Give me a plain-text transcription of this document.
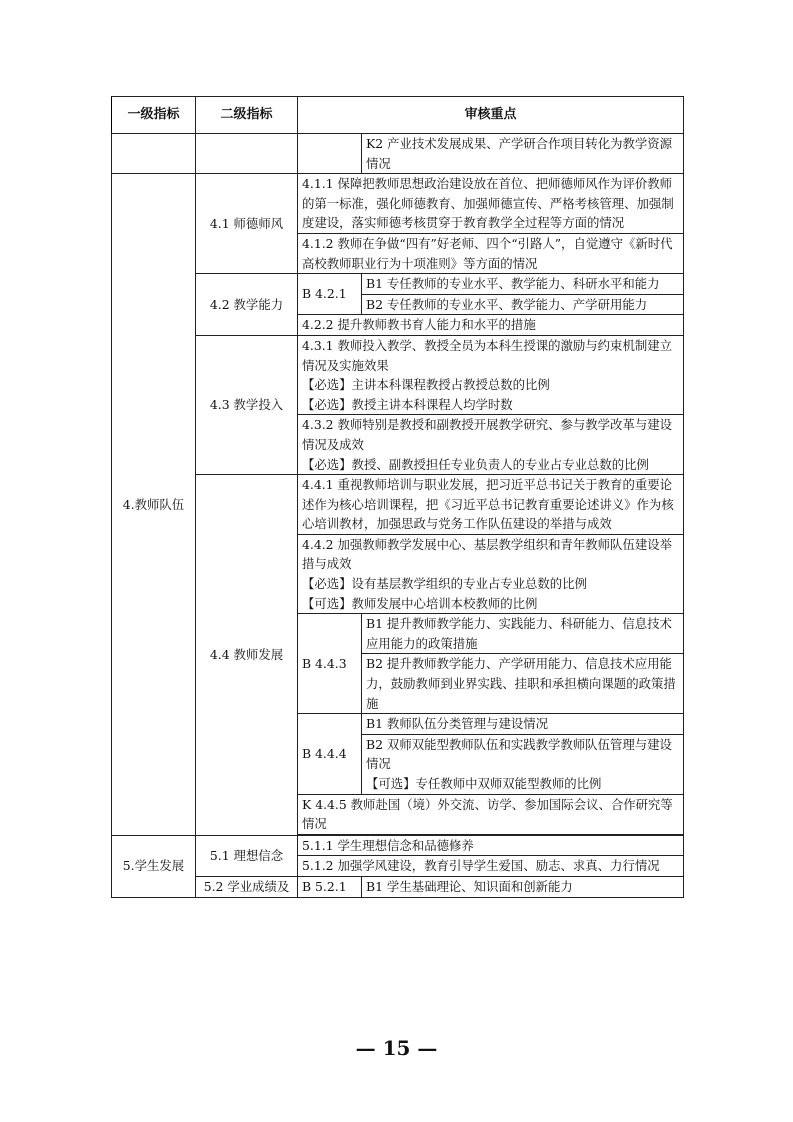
一级指标	二级指标	审核重点	
			K2 产业技术发展成果、产学研合作项目转化为教学资源情况
4.教师队伍	4.1 师德师风	4.1.1 保障把教师思想政治建设放在首位、把师德师风作为评价教师的第一标准，强化师德教育、加强师德宣传、严格考核管理、加强制度建设，落实师德考核贯穿于教育教学全过程等方面的情况	
		4.1.2 教师在争做“四有”好老师、四个“引路人”，自觉遵守《新时代高校教师职业行为十项准则》等方面的情况	
	4.2 教学能力	B 4.2.1	B1 专任教师的专业水平、教学能力、科研水平和能力
			B2 专任教师的专业水平、教学能力、产学研用能力
		4.2.2 提升教师教书育人能力和水平的措施	
	4.3 教学投入	4.3.1 教师投入教学、教授全员为本科生授课的激励与约束机制建立情况及实施效果
【必选】主讲本科课程教授占教授总数的比例
【必选】教授主讲本科课程人均学时数	

		4.3.2 教师特别是教授和副教授开展教学研究、参与教学改革与建设情况及成效
【必选】教授、副教授担任专业负责人的专业占专业总数的比例	

	4.4 教师发展	4.4.1 重视教师培训与职业发展，把习近平总书记关于教育的重要论述作为核心培训课程，把《习近平总书记教育重要论述讲义》作为核心培训教材，加强思政与党务工作队伍建设的举措与成效	

		4.4.2 加强教师教学发展中心、基层教学组织和青年教师队伍建设举措与成效
【必选】设有基层教学组织的专业占专业总数的比例
【可选】教师发展中心培训本校教师的比例	

		B 4.4.3	B1 提升教师教学能力、实践能力、科研能力、信息技术应用能力的政策措施
			B2 提升教师教学能力、产学研用能力、信息技术应用能力，鼓励教师到业界实践、挂职和承担横向课题的政策措施
		B 4.4.4	B1 教师队伍分类管理与建设情况

			B2 双师双能型教师队伍和实践教学教师队伍管理与建设情况
【可选】专任教师中双师双能型教师的比例

		K 4.4.5 教师赴国（境）外交流、访学、参加国际会议、合作研究等情况	

5.学生发展	5.1 理想信念	5.1.1 学生理想信念和品德修养	
		5.1.2 加强学风建设，教育引导学生爱国、励志、求真、力行情况	
	5.2 学业成绩及	B 5.2.1	B1 学生基础理论、知识面和创新能力
— 15 —
